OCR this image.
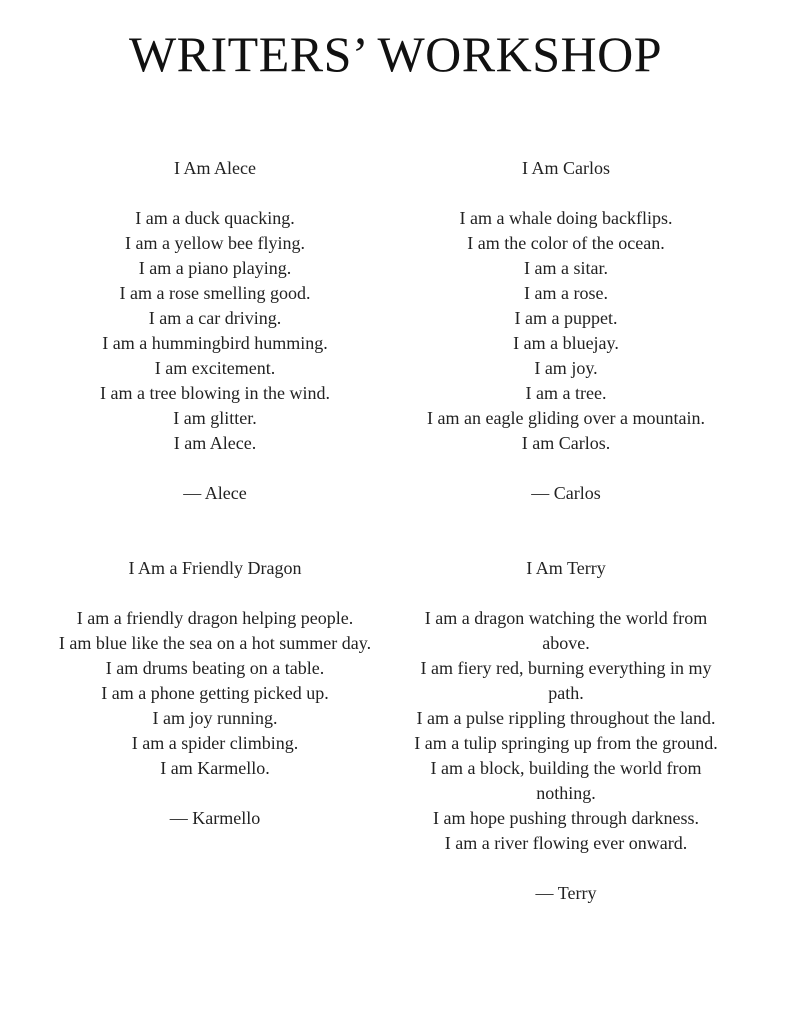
WRITERS’ WORKSHOP
I Am Alece
I am a duck quacking.
I am a yellow bee flying.
I am a piano playing.
I am a rose smelling good.
I am a car driving.
I am a hummingbird humming.
I am excitement.
I am a tree blowing in the wind.
I am glitter.
I am Alece.
— Alece
I Am Carlos
I am a whale doing backflips.
I am the color of the ocean.
I am a sitar.
I am a rose.
I am a puppet.
I am a bluejay.
I am joy.
I am a tree.
I am an eagle gliding over a mountain.
I am Carlos.
— Carlos
I Am a Friendly Dragon
I am a friendly dragon helping people.
I am blue like the sea on a hot summer day.
I am drums beating on a table.
I am a phone getting picked up.
I am joy running.
I am a spider climbing.
I am Karmello.
— Karmello
I Am Terry
I am a dragon watching the world from above.
I am fiery red, burning everything in my path.
I am a pulse rippling throughout the land.
I am a tulip springing up from the ground.
I am a block, building the world from nothing.
I am hope pushing through darkness.
I am a river flowing ever onward.
— Terry
